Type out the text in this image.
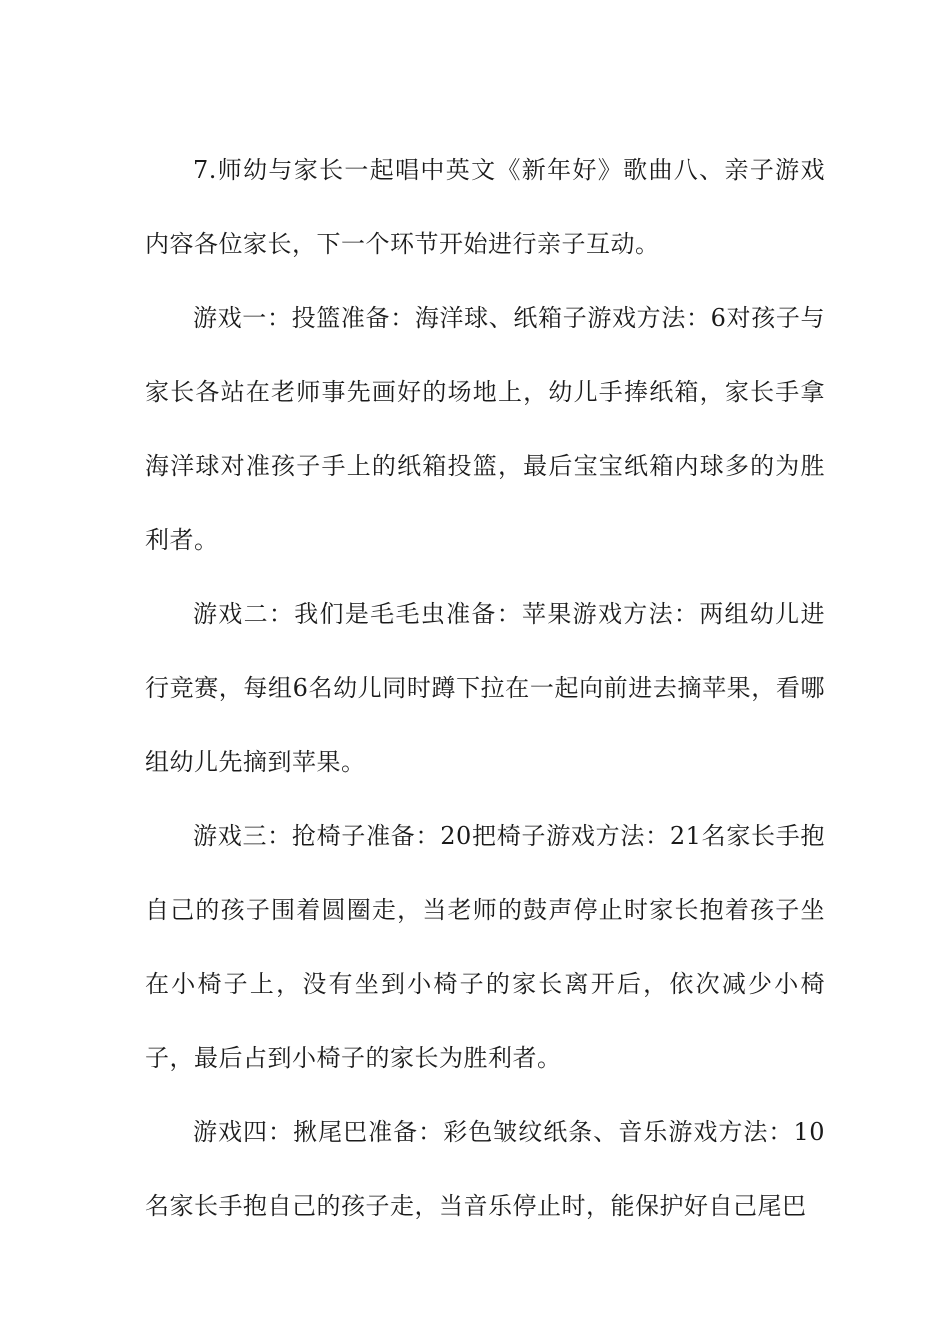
7.师幼与家长一起唱中英文《新年好》歌曲八、亲子游戏内容各位家长，下一个环节开始进行亲子互动。

游戏一：投篮准备：海洋球、纸箱子游戏方法：6对孩子与家长各站在老师事先画好的场地上，幼儿手捧纸箱，家长手拿海洋球对准孩子手上的纸箱投篮，最后宝宝纸箱内球多的为胜利者。

游戏二：我们是毛毛虫准备：苹果游戏方法：两组幼儿进行竞赛，每组6名幼儿同时蹲下拉在一起向前进去摘苹果，看哪组幼儿先摘到苹果。

游戏三：抢椅子准备：20把椅子游戏方法：21名家长手抱自己的孩子围着圆圈走，当老师的鼓声停止时家长抱着孩子坐在小椅子上，没有坐到小椅子的家长离开后，依次减少小椅子，最后占到小椅子的家长为胜利者。

游戏四：揪尾巴准备：彩色皱纹纸条、音乐游戏方法：10名家长手抱自己的孩子走，当音乐停止时，能保护好自己尾巴
